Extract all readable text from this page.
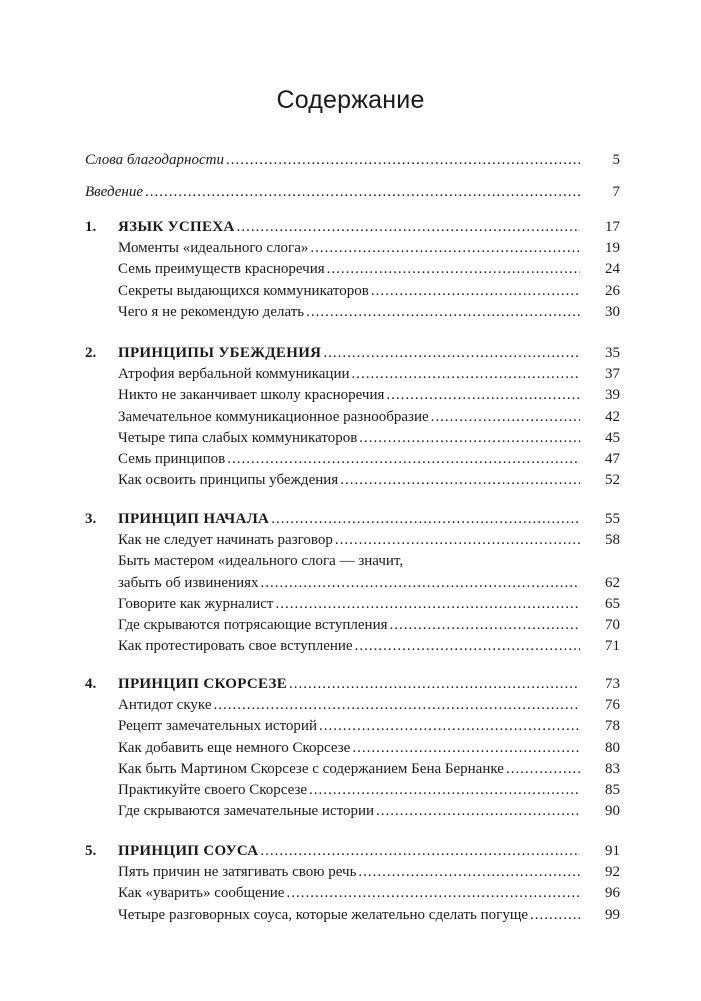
Содержание
Слова благодарности .....	5
Введение .....	7
1. ЯЗЫК УСПЕХА .....	17
Моменты «идеального слога» .....	19
Семь преимуществ красноречия .....	24
Секреты выдающихся коммуникаторов .....	26
Чего я не рекомендую делать .....	30
2. ПРИНЦИПЫ УБЕЖДЕНИЯ .....	35
Атрофия вербальной коммуникации .....	37
Никто не заканчивает школу красноречия .....	39
Замечательное коммуникационное разнообразие .....	42
Четыре типа слабых коммуникаторов .....	45
Семь принципов .....	47
Как освоить принципы убеждения .....	52
3. ПРИНЦИП НАЧАЛА .....	55
Как не следует начинать разговор .....	58
Быть мастером «идеального слога — значит,
забыть об извинениях .....	62
Говорите как журналист .....	65
Где скрываются потрясающие вступления .....	70
Как протестировать свое вступление .....	71
4. ПРИНЦИП СКОРСЕЗЕ .....	73
Антидот скуке .....	76
Рецепт замечательных историй .....	78
Как добавить еще немного Скорсезе .....	80
Как быть Мартином Скорсезе с содержанием Бена Бернанке .....	83
Практикуйте своего Скорсезе .....	85
Где скрываются замечательные истории .....	90
5. ПРИНЦИП СОУСА .....	91
Пять причин не затягивать свою речь .....	92
Как «уварить» сообщение .....	96
Четыре разговорных соуса, которые желательно сделать погуще .....	99
